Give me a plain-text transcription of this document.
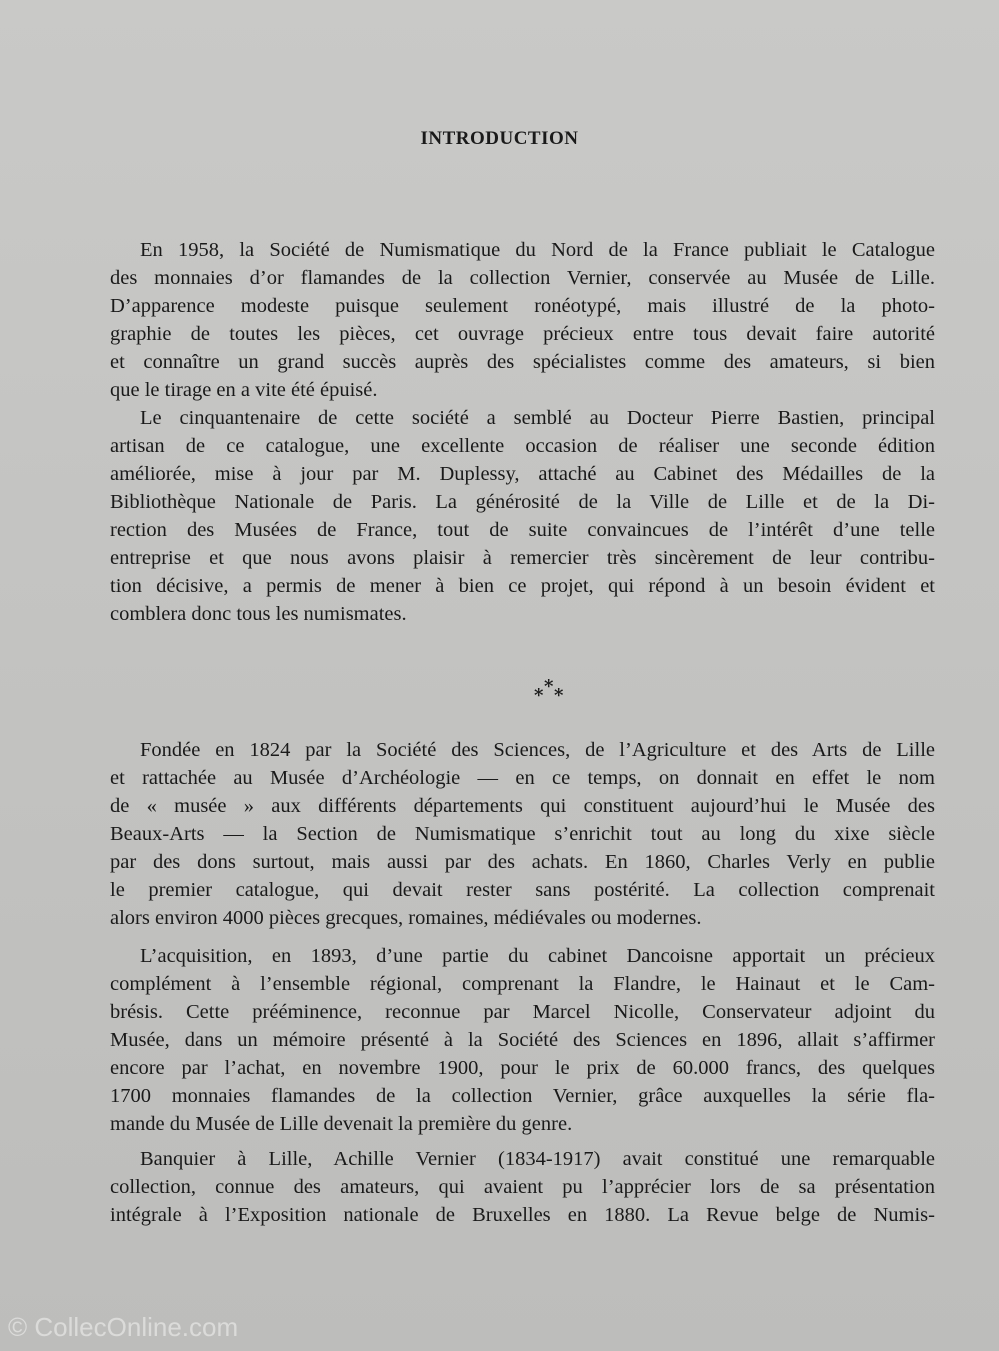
INTRODUCTION
En 1958, la Société de Numismatique du Nord de la France publiait le Catalogue
des monnaies d’or flamandes de la collection Vernier, conservée au Musée de Lille.
D’apparence modeste puisque seulement ronéotypé, mais illustré de la photo-
graphie de toutes les pièces, cet ouvrage précieux entre tous devait faire autorité
et connaître un grand succès auprès des spécialistes comme des amateurs, si bien
que le tirage en a vite été épuisé.
Le cinquantenaire de cette société a semblé au Docteur Pierre Bastien, principal
artisan de ce catalogue, une excellente occasion de réaliser une seconde édition
améliorée, mise à jour par M. Duplessy, attaché au Cabinet des Médailles de la
Bibliothèque Nationale de Paris. La générosité de la Ville de Lille et de la Di-
rection des Musées de France, tout de suite convaincues de l’intérêt d’une telle
entreprise et que nous avons plaisir à remercier très sincèrement de leur contribu-
tion décisive, a permis de mener à bien ce projet, qui répond à un besoin évident et
comblera donc tous les numismates.
*
* *
Fondée en 1824 par la Société des Sciences, de l’Agriculture et des Arts de Lille
et rattachée au Musée d’Archéologie — en ce temps, on donnait en effet le nom
de « musée » aux différents départements qui constituent aujourd’hui le Musée des
Beaux-Arts — la Section de Numismatique s’enrichit tout au long du xixe siècle
par des dons surtout, mais aussi par des achats. En 1860, Charles Verly en publie
le premier catalogue, qui devait rester sans postérité. La collection comprenait
alors environ 4000 pièces grecques, romaines, médiévales ou modernes.
L’acquisition, en 1893, d’une partie du cabinet Dancoisne apportait un précieux
complément à l’ensemble régional, comprenant la Flandre, le Hainaut et le Cam-
brésis. Cette prééminence, reconnue par Marcel Nicolle, Conservateur adjoint du
Musée, dans un mémoire présenté à la Société des Sciences en 1896, allait s’affirmer
encore par l’achat, en novembre 1900, pour le prix de 60.000 francs, des quelques
1700 monnaies flamandes de la collection Vernier, grâce auxquelles la série fla-
mande du Musée de Lille devenait la première du genre.
Banquier à Lille, Achille Vernier (1834-1917) avait constitué une remarquable
collection, connue des amateurs, qui avaient pu l’apprécier lors de sa présentation
intégrale à l’Exposition nationale de Bruxelles en 1880. La Revue belge de Numis-
© CollecOnline.com
